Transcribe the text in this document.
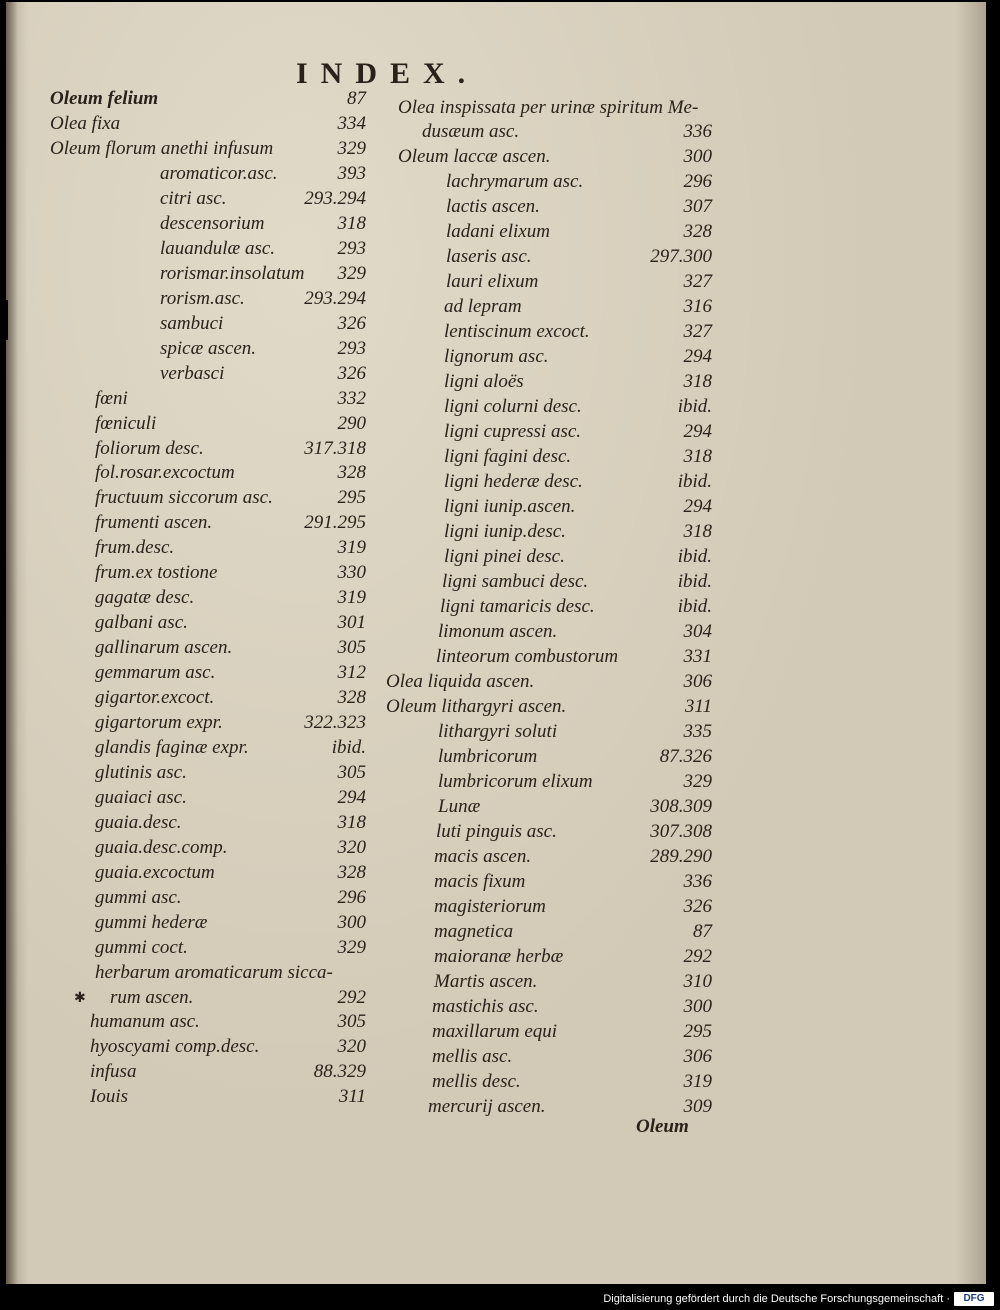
INDEX.
Oleum felium	87
Olea fixa	334
Oleum florum anethi infusum	329
aromaticor.asc.	393
citri asc.	293.294
descensorium	318
lauandulæ asc.	293
rorismar.insolatum 329
rorism.asc.	293.294
sambuci	326
spicæ ascen.	293
verbasci	326
fœni	332
fœniculi	290
foliorum desc.	317.318
fol.rosar.excoctum	328
fructuum siccorum asc.	295
frumenti ascen.	291.295
frum.desc.	319
frum.ex tostione	330
gagatæ desc.	319
galbani asc.	301
gallinarum ascen.	305
gemmarum asc.	312
gigartor.excoct.	328
gigartorum expr.	322.323
glandis faginæ expr.	ibid.
glutinis asc.	305
guaiaci asc.	294
guaia.desc.	318
guaia.desc.comp.	320
guaia.excoctum	328
gummi asc.	296
gummi hederæ	300
gummi coct.	329
herbarum aromaticarum sicca-
rum ascen.	292
humanum asc.	305
hyoscyami comp.desc.	320
infusa	88.329
Iouis	311
Olea inspissata per urinæ spiritum Me-
dusæum asc.	336
Oleum laccæ ascen.	300
lachrymarum asc.	296
lactis ascen.	307
ladani elixum	328
laseris asc.	297.300
lauri elixum	327
ad lepram	316
lentiscinum excoct.	327
lignorum asc.	294
ligni aloës	318
ligni colurni desc.	ibid.
ligni cupressi asc.	294
ligni fagini desc.	318
ligni hederæ desc.	ibid.
ligni iunip.ascen.	294
ligni iunip.desc.	318
ligni pinei desc.	ibid.
ligni sambuci desc.	ibid.
ligni tamaricis desc.	ibid.
limonum ascen.	304
linteorum combustorum	331
Olea liquida ascen.	306
Oleum lithargyri ascen.	311
lithargyri soluti	335
lumbricorum	87.326
lumbricorum elixum	329
Lunæ	308.309
luti pinguis asc.	307.308
macis ascen.	289.290
macis fixum	336
magisteriorum	326
magnetica	87
maioranæ herbæ	292
Martis ascen.	310
mastichis asc.	300
maxillarum equi	295
mellis asc.	306
mellis desc.	319
mercurij ascen.	309
✱
Oleum
Digitalisierung gefördert durch die Deutsche Forschungsgemeinschaft ·	DFG
